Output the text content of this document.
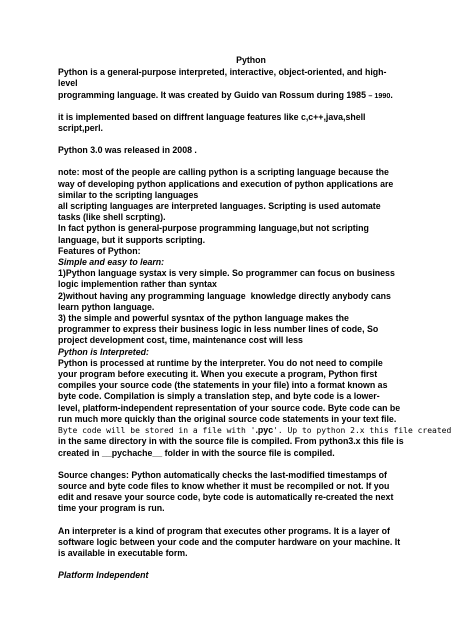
Python
Python is a general-purpose interpreted, interactive, object-oriented, and high-
level
programming language. It was created by Guido van Rossum during 1985 – 1990.
it is implemented based on diffrent language features like c,c++,java,shell
script,perl.
Python 3.0 was released in 2008 .
note: most of the people are calling python is a scripting language because the
way of developing python applications and execution of python applications are
similar to the scripting languages
all scripting languages are interpreted languages. Scripting is used automate
tasks (like shell scrpting).
In fact python is general-purpose programming language,but not scripting
language, but it supports scripting.
Features of Python:
Simple and easy to learn:
1)Python language systax is very simple. So programmer can focus on business
logic implemention rather than syntax
2)without having any programming language  knowledge directly anybody cans
learn python language.
3) the simple and powerful sysntax of the python language makes the
programmer to express their business logic in less number lines of code, So
project development cost, time, maintenance cost will less
Python is Interpreted:
Python is processed at runtime by the interpreter. You do not need to compile
your program before executing it. When you execute a program, Python first
compiles your source code (the statements in your file) into a format known as
byte code. Compilation is simply a translation step, and byte code is a lower-
level, platform-independent representation of your source code. Byte code can be
run much more quickly than the original source code statements in your text file.
Byte code will be stored in a file with '.pyc'. Up to python 2.x this file created
in the same directory in with the source file is compiled. From python3.x this file is
created in __pychache__ folder in with the source file is compiled.
Source changes: Python automatically checks the last-modified timestamps of
source and byte code files to know whether it must be recompiled or not. If you
edit and resave your source code, byte code is automatically re-created the next
time your program is run.
An interpreter is a kind of program that executes other programs. It is a layer of
software logic between your code and the computer hardware on your machine. It
is available in executable form.
Platform Independent
